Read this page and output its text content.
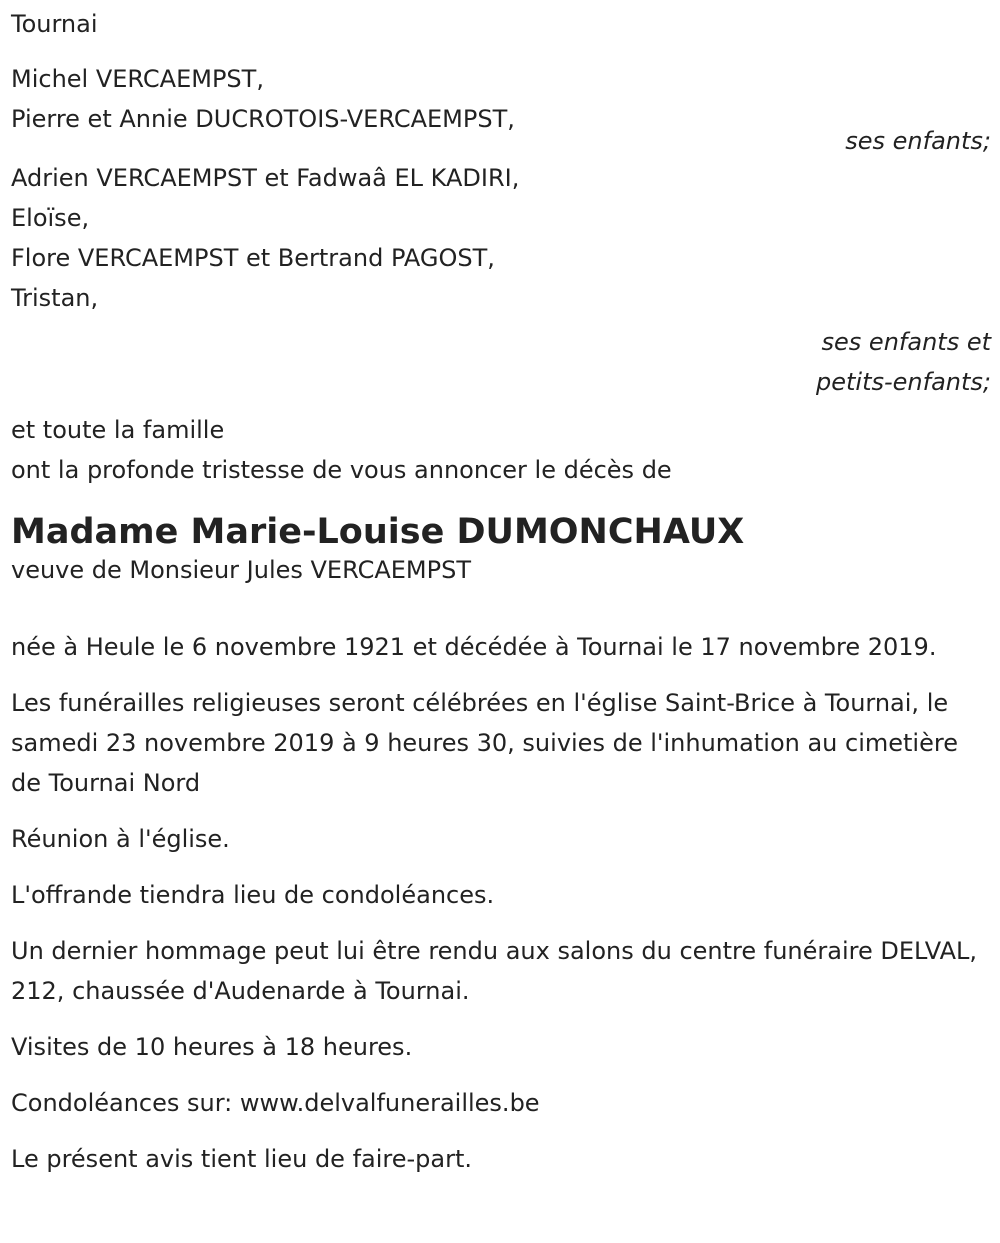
Tournai
Michel VERCAEMPST,
Pierre et Annie DUCROTOIS-VERCAEMPST,
ses enfants;
Adrien VERCAEMPST et Fadwaâ EL KADIRI,
Eloïse,
Flore VERCAEMPST et Bertrand PAGOST,
Tristan,
ses enfants et
petits-enfants;
et toute la famille
ont la profonde tristesse de vous annoncer le décès de
Madame Marie-Louise DUMONCHAUX
veuve de Monsieur Jules VERCAEMPST
née à Heule le 6 novembre 1921 et décédée à Tournai le 17 novembre 2019.
Les funérailles religieuses seront célébrées en l'église Saint-Brice à Tournai, le samedi 23 novembre 2019 à 9 heures 30, suivies de l'inhumation au cimetière de Tournai Nord
Réunion à l'église.
L'offrande tiendra lieu de condoléances.
Un dernier hommage peut lui être rendu aux salons du centre funéraire DELVAL, 212, chaussée d'Audenarde à Tournai.
Visites de 10 heures à 18 heures.
Condoléances sur: www.delvalfunerailles.be
Le présent avis tient lieu de faire-part.
